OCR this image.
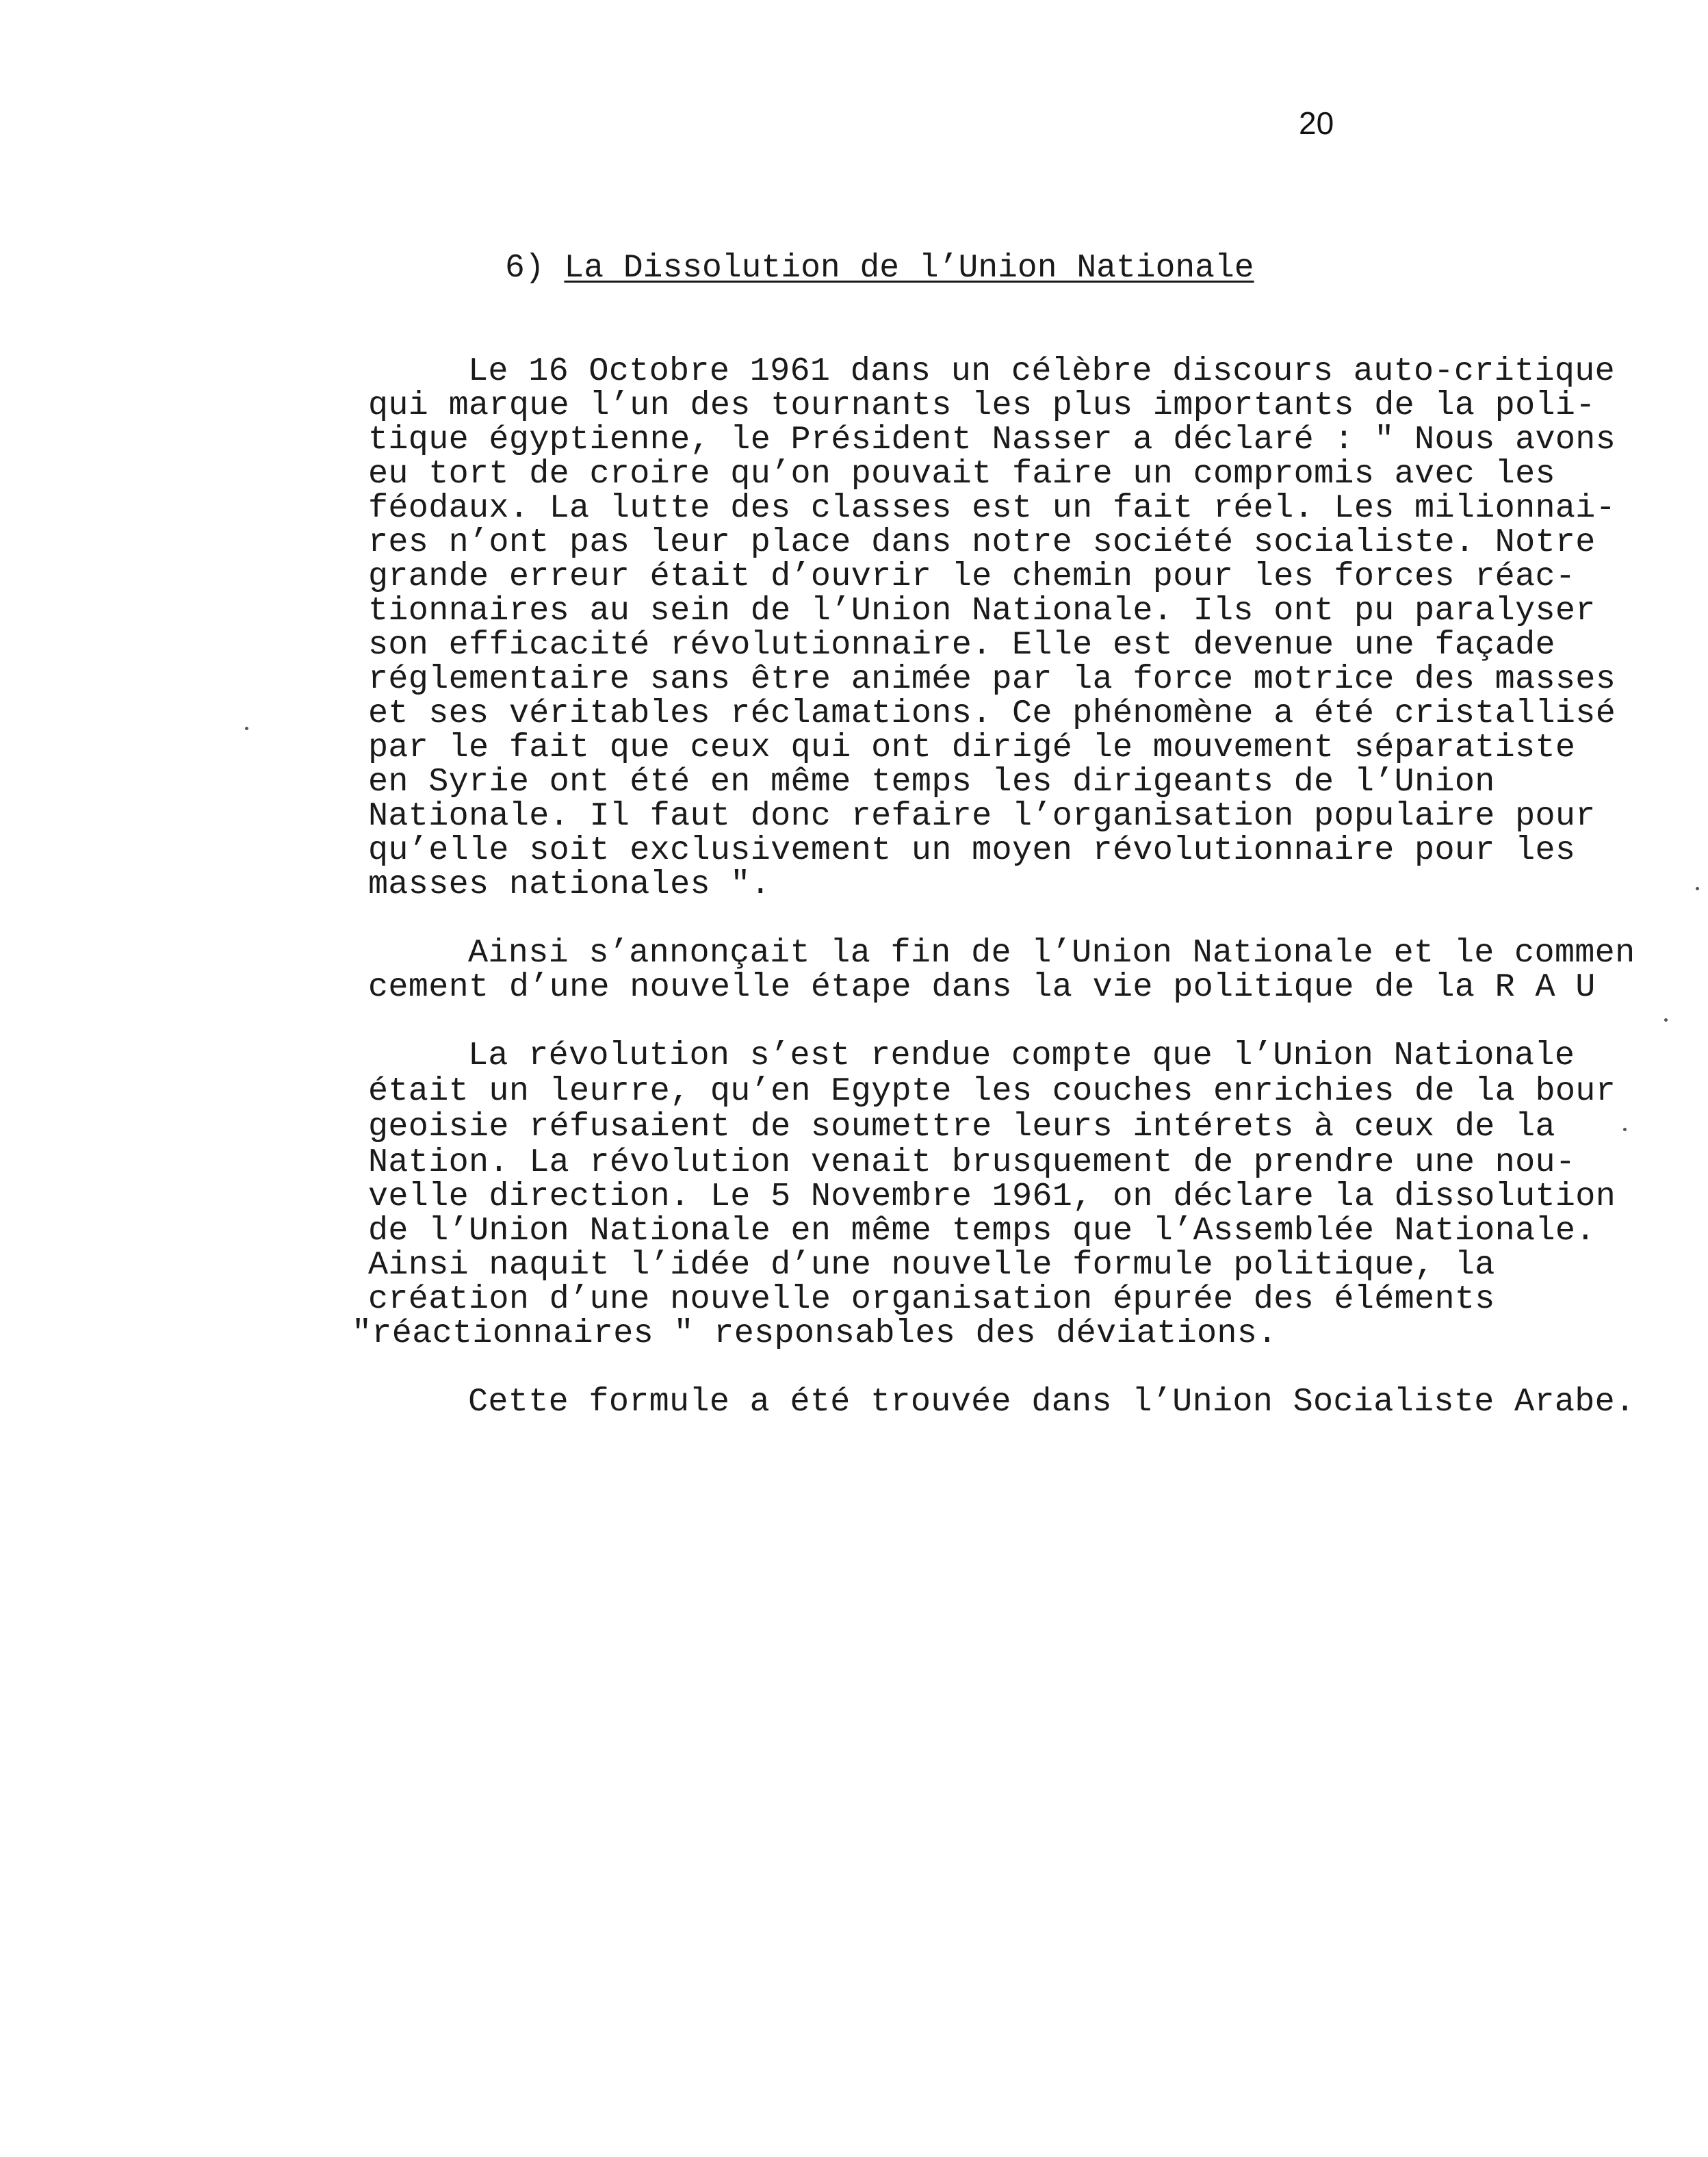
20
6) La Dissolution de l’Union Nationale
Le 16 Octobre 1961 dans un célèbre discours auto-critique
qui marque l’un des tournants les plus importants de la poli-
tique égyptienne, le Président Nasser a déclaré : " Nous avons
eu tort de croire qu’on pouvait faire un compromis avec les
féodaux. La lutte des classes est un fait réel. Les milionnai-
res n’ont pas leur place dans notre société socialiste. Notre
grande erreur était d’ouvrir le chemin pour les forces réac-
tionnaires au sein de l’Union Nationale. Ils ont pu paralyser
son efficacité révolutionnaire. Elle est devenue une façade
réglementaire sans être animée par la force motrice des masses
et ses véritables réclamations. Ce phénomène a été cristallisé
par le fait que ceux qui ont dirigé le mouvement séparatiste
en Syrie ont été en même temps les dirigeants de l’Union
Nationale. Il faut donc refaire l’organisation populaire pour
qu’elle soit exclusivement un moyen révolutionnaire pour les
masses nationales ".
Ainsi s’annonçait la fin de l’Union Nationale et le commen
cement d’une nouvelle étape dans la vie politique de la R A U
La révolution s’est rendue compte que l’Union Nationale
était un leurre, qu’en Egypte les couches enrichies de la bour
geoisie réfusaient de soumettre leurs intérets à ceux de la
Nation. La révolution venait brusquement de prendre une nou-
velle direction. Le 5 Novembre 1961, on déclare la dissolution
de l’Union Nationale en même temps que l’Assemblée Nationale.
Ainsi naquit l’idée d’une nouvelle formule politique, la
création d’une nouvelle organisation épurée des éléments
"réactionnaires " responsables des déviations.
Cette formule a été trouvée dans l’Union Socialiste Arabe.
